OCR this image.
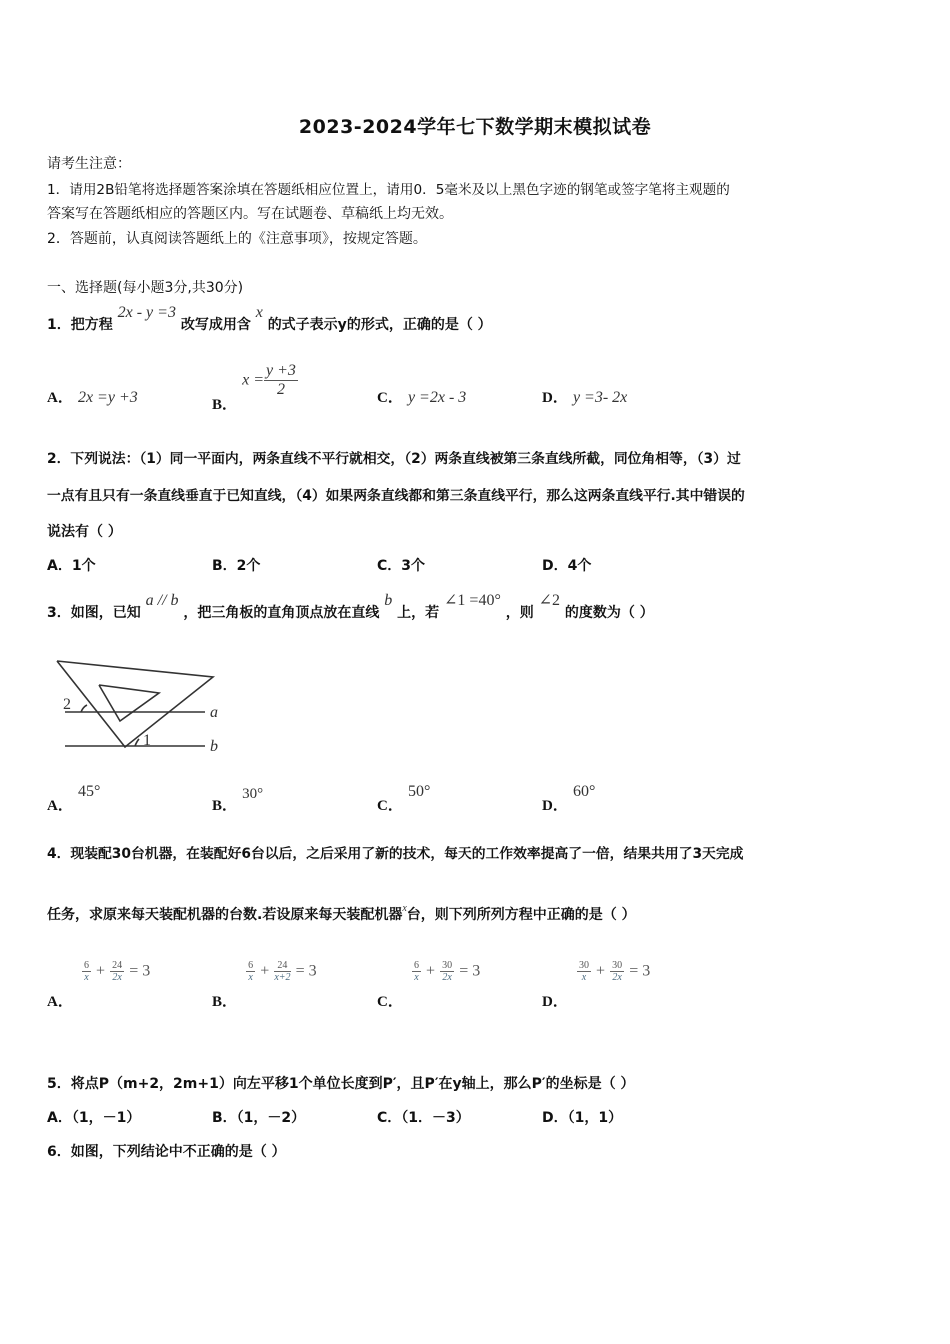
2023-2024学年七下数学期末模拟试卷
请考生注意：
1．请用2B铅笔将选择题答案涂填在答题纸相应位置上，请用0．5毫米及以上黑色字迹的钢笔或签字笔将主观题的
答案写在答题纸相应的答题区内。写在试题卷、草稿纸上均无效。
2．答题前，认真阅读答题纸上的《注意事项》，按规定答题。
一、选择题(每小题3分,共30分)
1．把方程 2x - y =3 改写成用含 x 的式子表示y的形式，正确的是（ ）
A． 2x =y +3	B． $x = \frac{y +3}{2}$	C． y =2x - 3	D． y =3- 2x
2．下列说法：（1）同一平面内，两条直线不平行就相交，（2）两条直线被第三条直线所截，同位角相等，（3）过
一点有且只有一条直线垂直于已知直线，（4）如果两条直线都和第三条直线平行，那么这两条直线平行.其中错误的
说法有（ ）
A．1个	B．2个	C．3个	D．4个
3．如图，已知 a // b ，把三角板的直角顶点放在直线 b 上，若 ∠1 =40° ，则 ∠2 的度数为（ ）
2
1
a
b
A． 45°
B． 30°
C． 50°
D． 60°
4．现装配30台机器，在装配好6台以后，之后采用了新的技术，每天的工作效率提高了一倍，结果共用了3天完成
任务，求原来每天装配机器的台数.若设原来每天装配机器$^x$台，则下列所列方程中正确的是（ ）
A．
$\frac{6}{x} + \frac{24}{2x} = 3$
B．
$\frac{6}{x} + \frac{24}{x+2} = 3$
C．
$\frac{6}{x} + \frac{30}{2x} = 3$
D．
$\frac{30}{x} + \frac{30}{2x} = 3$
5．将点P（m+2，2m+1）向左平移1个单位长度到P′，且P′在y轴上，那么P′的坐标是（ ）
A．（1，－1）	B．（1，－2）	C．（1．－3）	D．（1，1）
6．如图，下列结论中不正确的是（ ）
